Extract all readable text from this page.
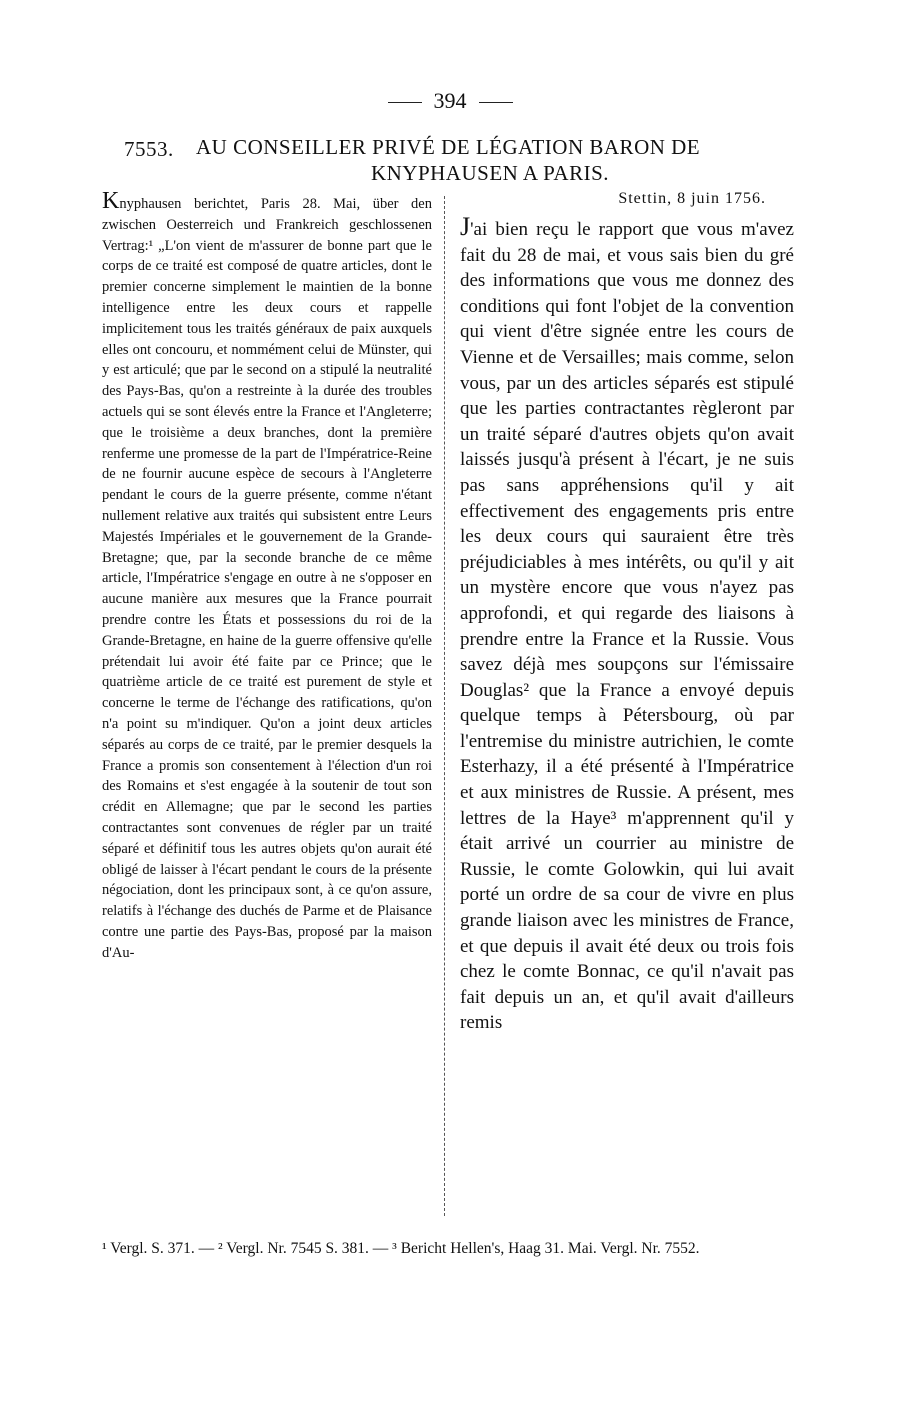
394
7553.	AU CONSEILLER PRIVÉ DE LÉGATION BARON DE
KNYPHAUSEN A PARIS.

Knyphausen berichtet, Paris 28. Mai, über den zwischen Oesterreich und Frankreich geschlossenen Vertrag:¹ „L'on vient de m'assurer de bonne part que le corps de ce traité est composé de quatre articles, dont le premier concerne simplement le maintien de la bonne intelligence entre les deux cours et rappelle implicitement tous les traités généraux de paix auxquels elles ont concouru, et nommément celui de Münster, qui y est articulé; que par le second on a stipulé la neutralité des Pays-Bas, qu'on a restreinte à la durée des troubles actuels qui se sont élevés entre la France et l'Angleterre; que le troisième a deux branches, dont la première renferme une promesse de la part de l'Impératrice-Reine de ne fournir aucune espèce de secours à l'Angleterre pendant le cours de la guerre présente, comme n'étant nullement relative aux traités qui subsistent entre Leurs Majestés Impériales et le gouvernement de la Grande-Bretagne; que, par la seconde branche de ce même article, l'Impératrice s'engage en outre à ne s'opposer en aucune manière aux mesures que la France pourrait prendre contre les États et possessions du roi de la Grande-Bretagne, en haine de la guerre offensive qu'elle prétendait lui avoir été faite par ce Prince; que le quatrième article de ce traité est purement de style et concerne le terme de l'échange des ratifications, qu'on n'a point su m'indiquer. Qu'on a joint deux articles séparés au corps de ce traité, par le premier desquels la France a promis son consentement à l'élection d'un roi des Romains et s'est engagée à la soutenir de tout son crédit en Allemagne; que par le second les parties contractantes sont convenues de régler par un traité séparé et définitif tous les autres objets qu'on aurait été obligé de laisser à l'écart pendant le cours de la présente négociation, dont les principaux sont, à ce qu'on assure, relatifs à l'échange des duchés de Parme et de Plaisance contre une partie des Pays-Bas, proposé par la maison d'Au-

Stettin, 8 juin 1756.

J'ai bien reçu le rapport que vous m'avez fait du 28 de mai, et vous sais bien du gré des informations que vous me donnez des conditions qui font l'objet de la convention qui vient d'être signée entre les cours de Vienne et de Versailles; mais comme, selon vous, par un des articles séparés est stipulé que les parties contractantes règleront par un traité séparé d'autres objets qu'on avait laissés jusqu'à présent à l'écart, je ne suis pas sans appréhensions qu'il y ait effectivement des engagements pris entre les deux cours qui sauraient être très préjudiciables à mes intérêts, ou qu'il y ait un mystère encore que vous n'ayez pas approfondi, et qui regarde des liaisons à prendre entre la France et la Russie. Vous savez déjà mes soupçons sur l'émissaire Douglas² que la France a envoyé depuis quelque temps à Pétersbourg, où par l'entremise du ministre autrichien, le comte Esterhazy, il a été présenté à l'Impératrice et aux ministres de Russie. A présent, mes lettres de la Haye³ m'apprennent qu'il y était arrivé un courrier au ministre de Russie, le comte Golowkin, qui lui avait porté un ordre de sa cour de vivre en plus grande liaison avec les ministres de France, et que depuis il avait été deux ou trois fois chez le comte Bonnac, ce qu'il n'avait pas fait depuis un an, et qu'il avait d'ailleurs remis

¹ Vergl. S. 371. — ² Vergl. Nr. 7545 S. 381. — ³ Bericht Hellen's, Haag 31. Mai. Vergl. Nr. 7552.
